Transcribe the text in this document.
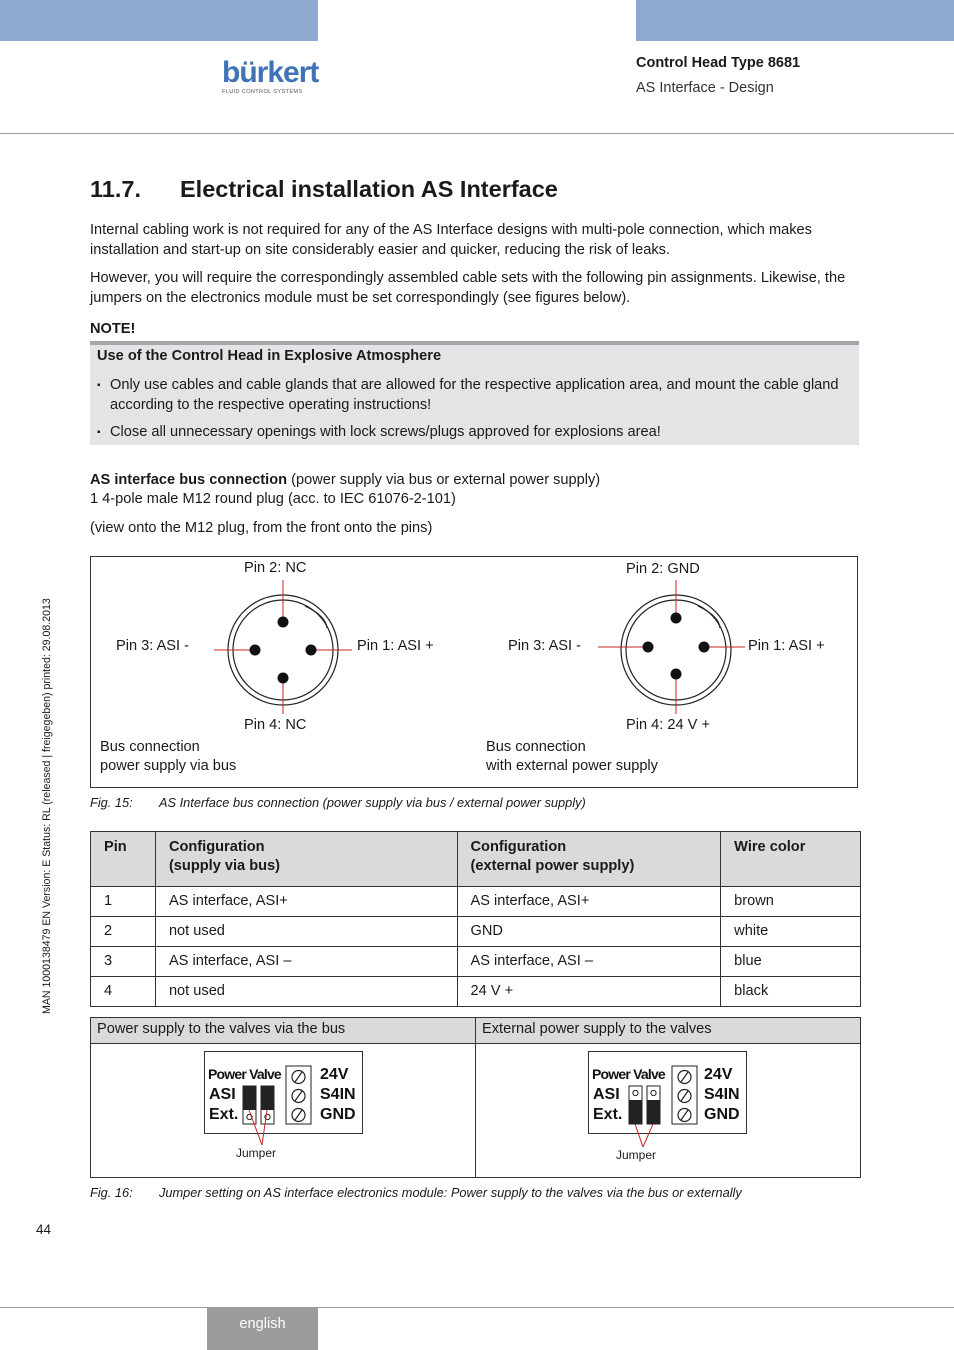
bürkert
FLUID CONTROL SYSTEMS
Control Head Type 8681
AS Interface - Design
11.7. Electrical installation AS Interface
Internal cabling work is not required for any of the AS Interface designs with multi-pole connection, which makes installation and start-up on site considerably easier and quicker, reducing the risk of leaks.
However, you will require the correspondingly assembled cable sets with the following pin assignments. Likewise, the jumpers on the electronics module must be set correspondingly (see figures below).
NOTE!
Use of the Control Head in Explosive Atmosphere
▪ Only use cables and cable glands that are allowed for the respective application area, and mount the cable gland according to the respective operating instructions!
▪ Close all unnecessary openings with lock screws/plugs approved for explosions area!
AS interface bus connection (power supply via bus or external power supply)
1 4-pole male M12 round plug (acc. to IEC 61076-2-101)
(view onto the M12 plug, from the front onto the pins)
Pin 2: NC
Pin 3: ASI -	Pin 1: ASI +
Pin 4: NC
Bus connection
power supply via bus
Pin 2: GND
Pin 3: ASI -	Pin 1: ASI +
Pin 4: 24 V +
Bus connection
with external power supply
Fig. 15: AS Interface bus connection (power supply via bus / external power supply)
Pin	Configuration
(supply via bus)	Configuration
(external power supply)	Wire color
1	AS interface, ASI+	AS interface, ASI+	brown
2	not used	GND	white
3	AS interface, ASI –	AS interface, ASI –	blue
4	not used	24 V +	black
Power supply to the valves via the bus	External power supply to the valves
Power Valve
ASI
Ext.
24V
S4IN
GND
Power Valve
ASI
Ext.
24V
S4IN
GND
Jumper	Jumper
Fig. 16: Jumper setting on AS interface electronics module: Power supply to the valves via the bus or externally
MAN 1000138479 EN Version: E Status: RL (released | freigegeben) printed: 29.08.2013
44
english
